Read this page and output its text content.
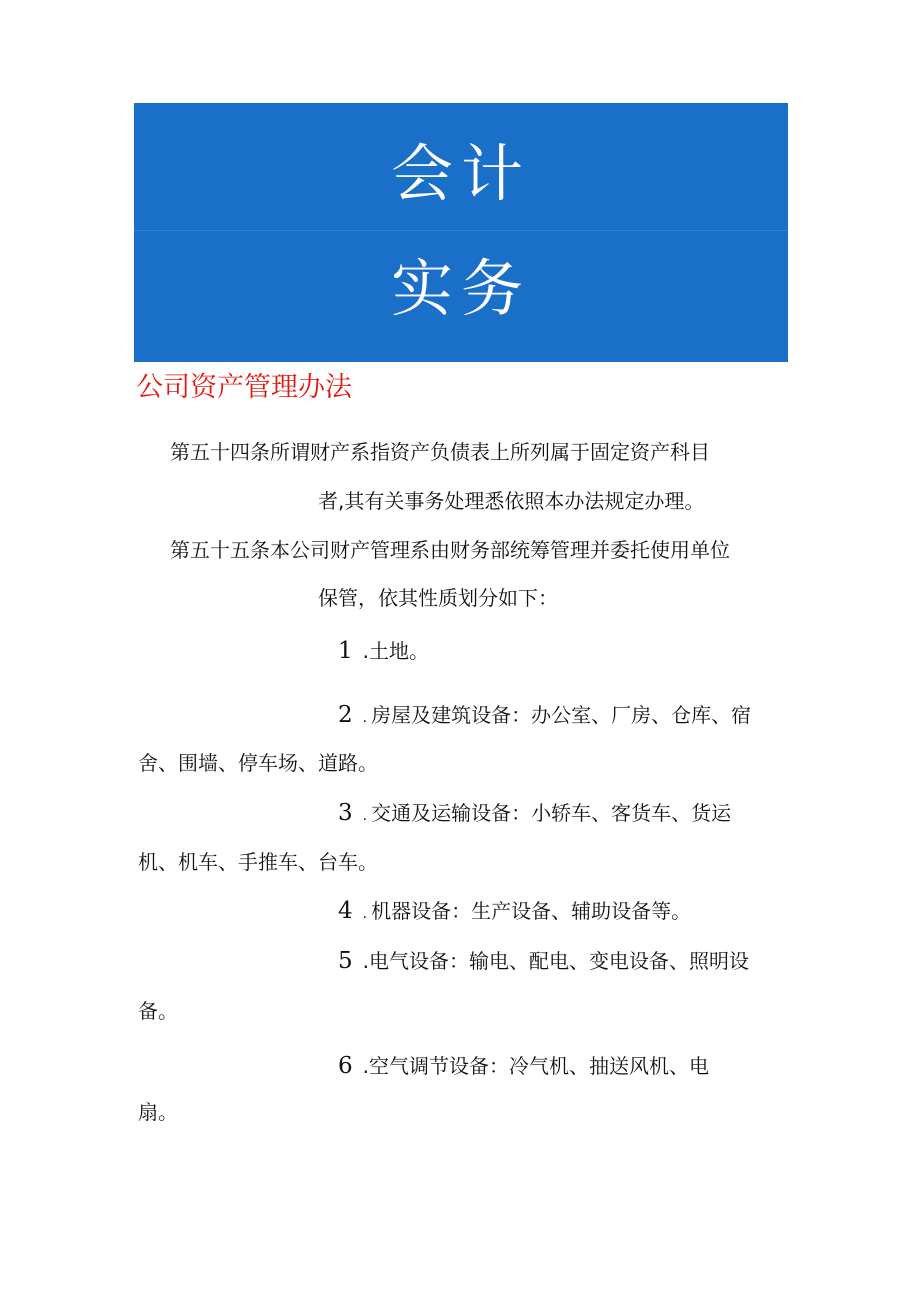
会计
实务
公司资产管理办法
第五十四条所谓财产系指资产负债表上所列属于固定资产科目
者,其有关事务处理悉依照本办法规定办理。
第五十五条本公司财产管理系由财务部统筹管理并委托使用单位
保管，依其性质划分如下：
1 .土地。
2 . 房屋及建筑设备：办公室、厂房、仓库、宿
舍、围墙、停车场、道路。
3 . 交通及运输设备：小轿车、客货车、货运
机、机车、手推车、台车。
4 . 机器设备：生产设备、辅助设备等。
5 .电气设备：输电、配电、变电设备、照明设
备。
6 .空气调节设备：冷气机、抽送风机、电
扇。
